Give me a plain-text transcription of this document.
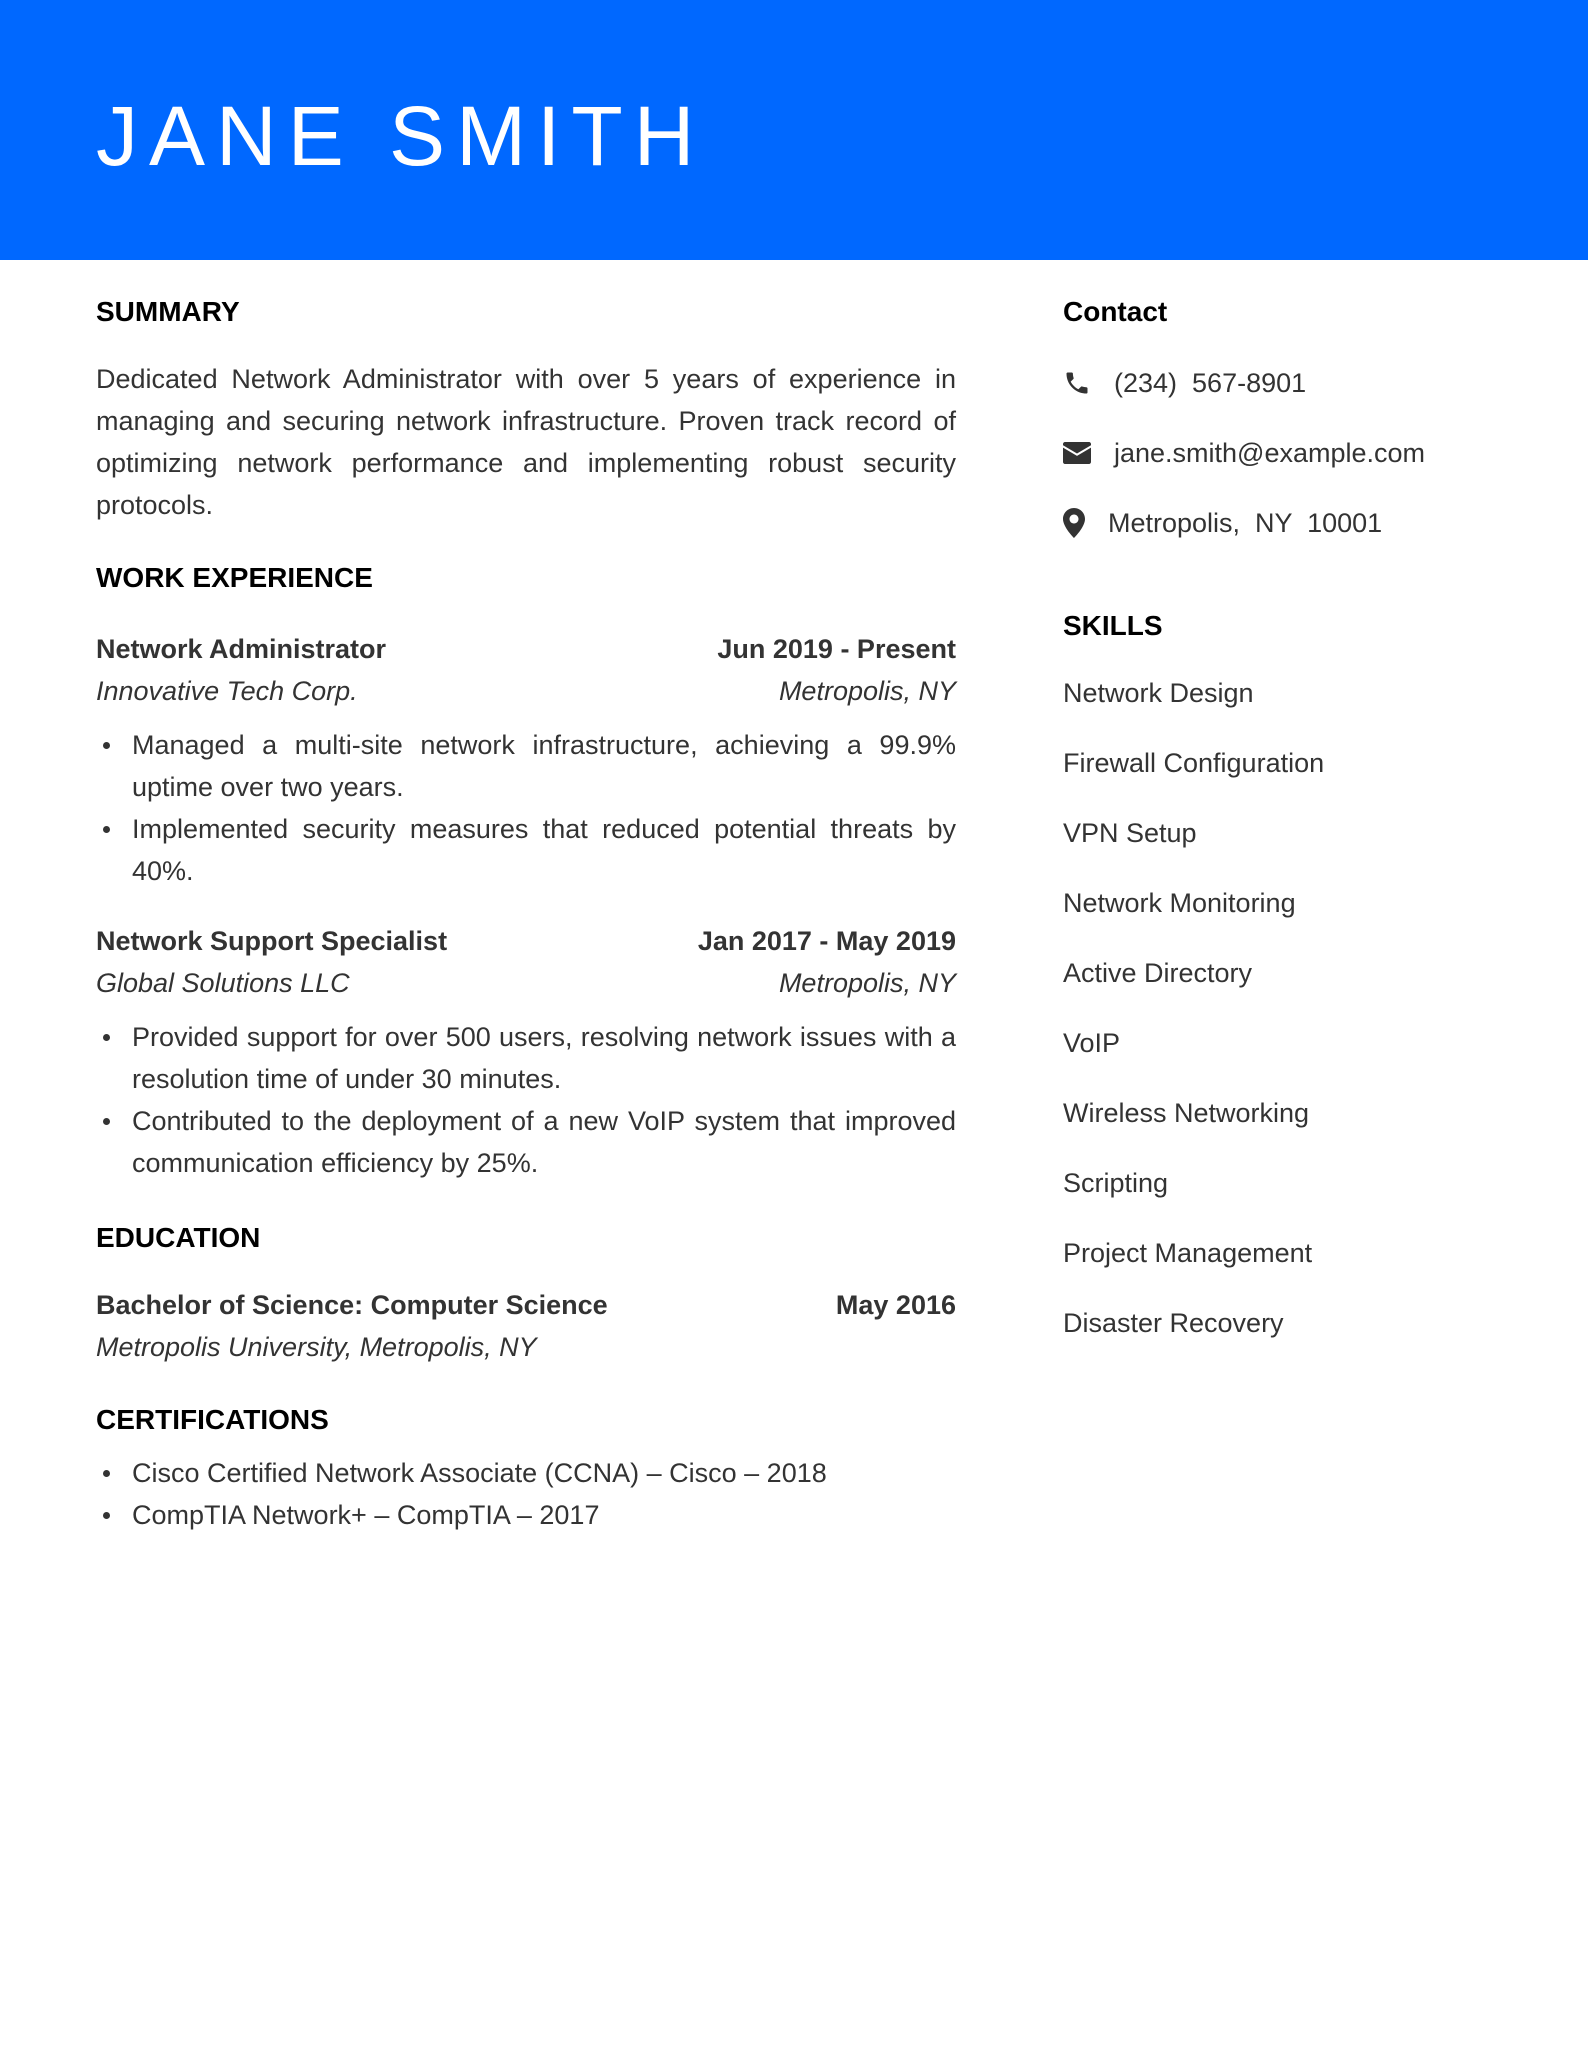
JANE SMITH
SUMMARY

Dedicated Network Administrator with over 5 years of experience in managing and securing network infrastructure. Proven track record of optimizing network performance and implementing robust security protocols.

WORK EXPERIENCE
Network Administrator	Jun 2019 - Present
Innovative Tech Corp.	Metropolis, NY
Managed a multi-site network infrastructure, achieving a 99.9% uptime over two years.
Implemented security measures that reduced potential threats by 40%.
Network Support Specialist	Jan 2017 - May 2019
Global Solutions LLC	Metropolis, NY
Provided support for over 500 users, resolving network issues with a resolution time of under 30 minutes.
Contributed to the deployment of a new VoIP system that improved communication efficiency by 25%.
EDUCATION
Bachelor of Science: Computer Science	May 2016
Metropolis University, Metropolis, NY
CERTIFICATIONS
Cisco Certified Network Associate (CCNA) – Cisco – 2018
CompTIA Network+ – CompTIA – 2017
Contact
(234)  567-8901
jane.smith@example.com
Metropolis,  NY  10001
SKILLS
Network Design
Firewall Configuration
VPN Setup
Network Monitoring
Active Directory
VoIP
Wireless Networking
Scripting
Project Management
Disaster Recovery
